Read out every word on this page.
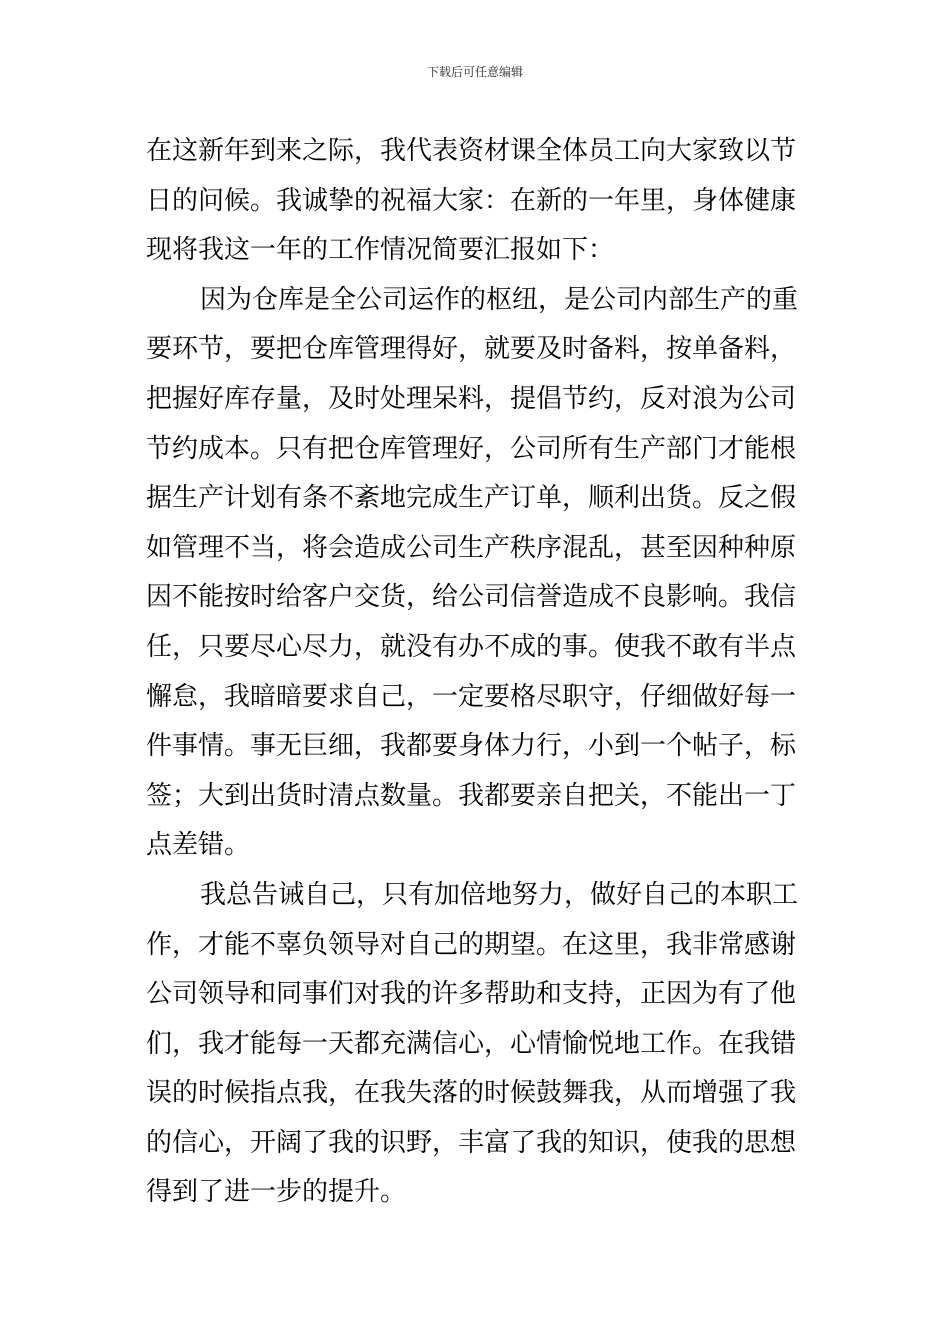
下载后可任意编辑
在这新年到来之际，我代表资材课全体员工向大家致以节
日的问候。我诚挚的祝福大家：在新的一年里，身体健康
现将我这一年的工作情况简要汇报如下：
因为仓库是全公司运作的枢纽，是公司内部生产的重
要环节，要把仓库管理得好，就要及时备料，按单备料，
把握好库存量，及时处理呆料，提倡节约，反对浪为公司
节约成本。只有把仓库管理好，公司所有生产部门才能根
据生产计划有条不紊地完成生产订单，顺利出货。反之假
如管理不当，将会造成公司生产秩序混乱，甚至因种种原
因不能按时给客户交货，给公司信誉造成不良影响。我信
任，只要尽心尽力，就没有办不成的事。使我不敢有半点
懈怠，我暗暗要求自己，一定要格尽职守，仔细做好每一
件事情。事无巨细，我都要身体力行，小到一个帖子，标
签；大到出货时清点数量。我都要亲自把关，不能出一丁
点差错。
我总告诫自己，只有加倍地努力，做好自己的本职工
作，才能不辜负领导对自己的期望。在这里，我非常感谢
公司领导和同事们对我的许多帮助和支持，正因为有了他
们，我才能每一天都充满信心，心情愉悦地工作。在我错
误的时候指点我，在我失落的时候鼓舞我，从而增强了我
的信心，开阔了我的识野，丰富了我的知识，使我的思想
得到了进一步的提升。
